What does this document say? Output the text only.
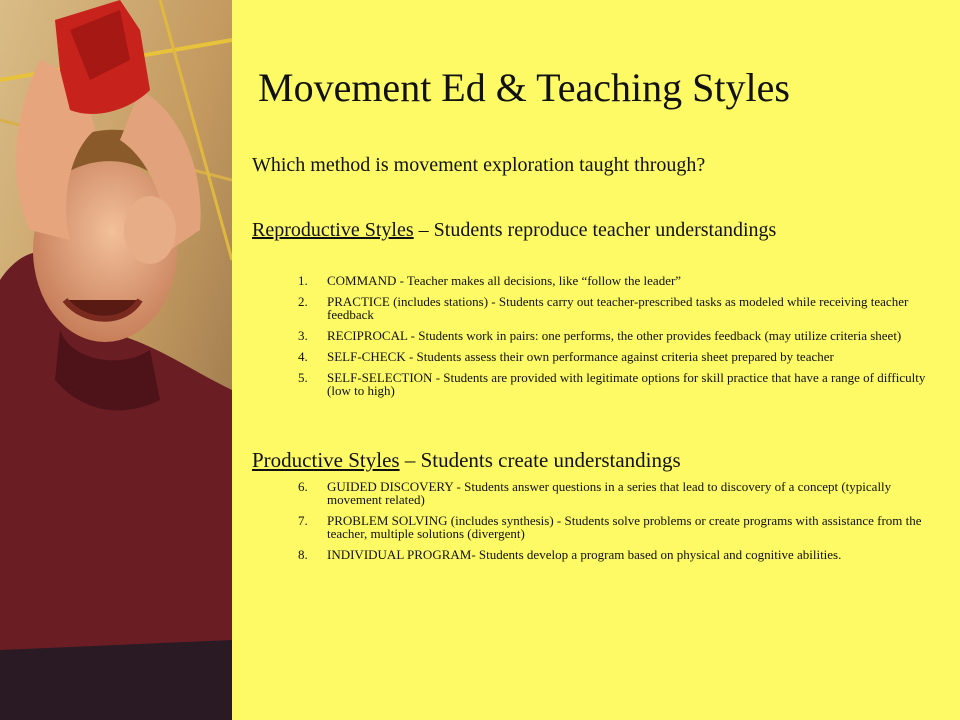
Movement Ed & Teaching Styles

Which method is movement exploration taught through?

Reproductive Styles – Students reproduce teacher understandings

1. COMMAND - Teacher makes all decisions, like “follow the leader”
2. PRACTICE (includes stations) - Students carry out teacher-prescribed tasks as modeled while receiving teacher feedback
3. RECIPROCAL - Students work in pairs: one performs, the other provides feedback (may utilize criteria sheet)
4. SELF-CHECK - Students assess their own performance against criteria sheet prepared by teacher
5. SELF-SELECTION - Students are provided with legitimate options for skill practice that have a range of difficulty (low to high)

Productive Styles – Students create understandings

6. GUIDED DISCOVERY - Students answer questions in a series that lead to discovery of a concept (typically movement related)
7. PROBLEM SOLVING (includes synthesis) - Students solve problems or create programs with assistance from the teacher, multiple solutions (divergent)
8. INDIVIDUAL PROGRAM- Students develop a program based on physical and cognitive abilities.
